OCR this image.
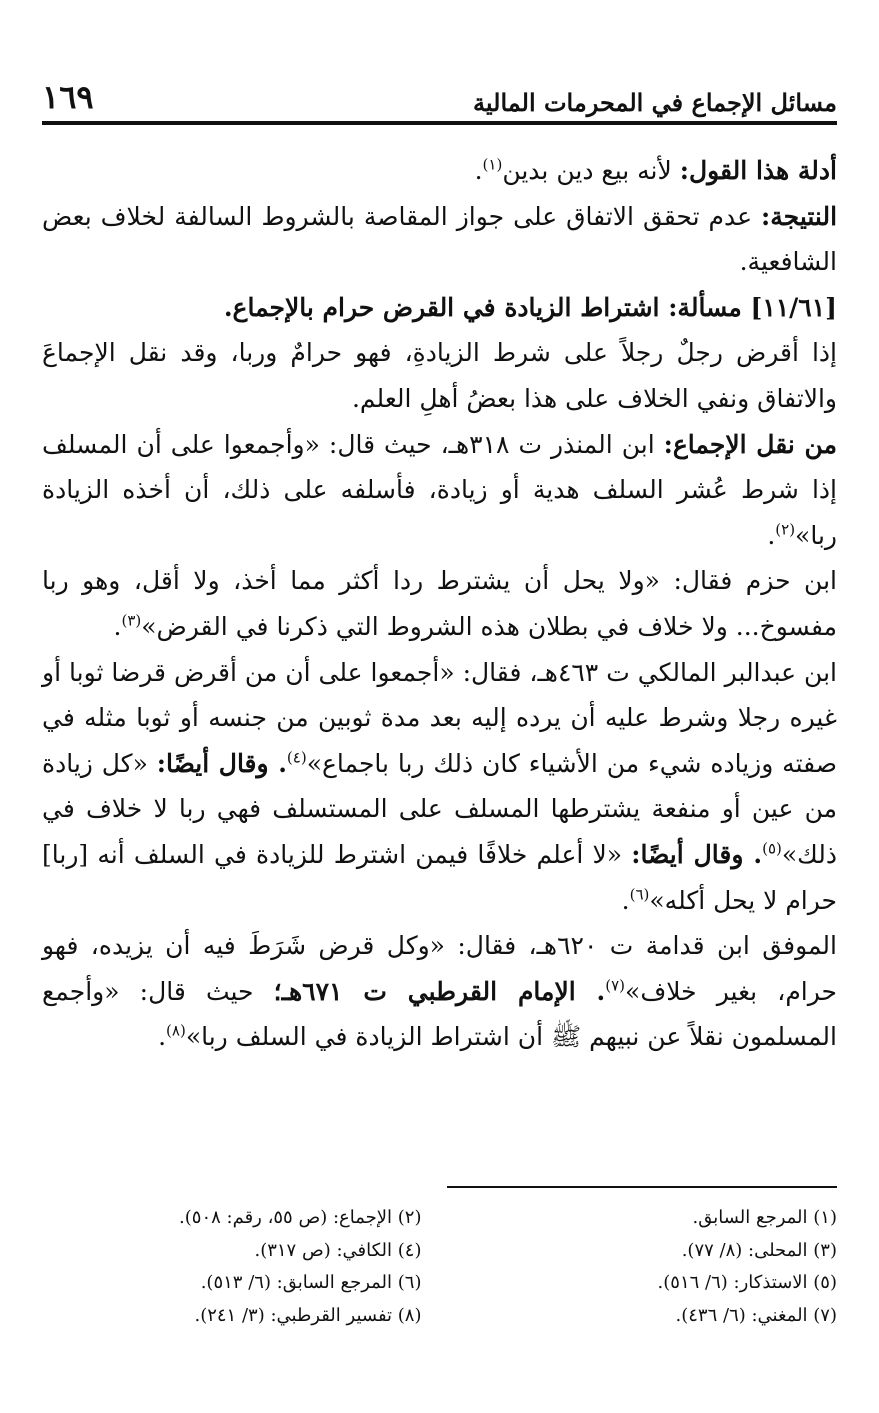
مسائل الإجماع في المحرمات المالية
١٦٩

أدلة هذا القول: لأنه بيع دين بدين$^{(١)}$.

النتيجة: عدم تحقق الاتفاق على جواز المقاصة بالشروط السالفة لخلاف بعض الشافعية.

[١١/٦١] مسألة: اشتراط الزيادة في القرض حرام بالإجماع.

إذا أقرض رجلٌ رجلاً على شرط الزيادةِ، فهو حرامٌ وربا، وقد نقل الإجماعَ والاتفاق ونفي الخلاف على هذا بعضُ أهلِ العلم.

من نقل الإجماع: ابن المنذر ت ٣١٨هـ، حيث قال: «وأجمعوا على أن المسلف إذا شرط عُشر السلف هدية أو زيادة، فأسلفه على ذلك، أن أخذه الزيادة ربا»$^{(٢)}$.

ابن حزم فقال: «ولا يحل أن يشترط ردا أكثر مما أخذ، ولا أقل، وهو ربا مفسوخ... ولا خلاف في بطلان هذه الشروط التي ذكرنا في القرض»$^{(٣)}$.

ابن عبدالبر المالكي ت ٤٦٣هـ، فقال: «أجمعوا على أن من أقرض قرضا ثوبا أو غيره رجلا وشرط عليه أن يرده إليه بعد مدة ثوبين من جنسه أو ثوبا مثله في صفته وزياده شيء من الأشياء كان ذلك ربا باجماع»$^{(٤)}$. وقال أيضًا: «كل زيادة من عين أو منفعة يشترطها المسلف على المستسلف فهي ربا لا خلاف في ذلك»$^{(٥)}$. وقال أيضًا: «لا أعلم خلافًا فيمن اشترط للزيادة في السلف أنه [ربا] حرام لا يحل أكله»$^{(٦)}$.

الموفق ابن قدامة ت ٦٢٠هـ، فقال: «وكل قرض شَرَطَ فيه أن يزيده، فهو حرام، بغير خلاف»$^{(٧)}$. الإمام القرطبي ت ٦٧١هـ؛ حيث قال: «وأجمع المسلمون نقلاً عن نبيهم ﷺ أن اشتراط الزيادة في السلف ربا»$^{(٨)}$.

(١) المرجع السابق.
(٢) الإجماع: (ص ٥٥، رقم: ٥٠٨).
(٣) المحلى: (٨/ ٧٧).
(٤) الكافي: (ص ٣١٧).
(٥) الاستذكار: (٦/ ٥١٦).
(٦) المرجع السابق: (٦/ ٥١٣).
(٧) المغني: (٦/ ٤٣٦).
(٨) تفسير القرطبي: (٣/ ٢٤١).
